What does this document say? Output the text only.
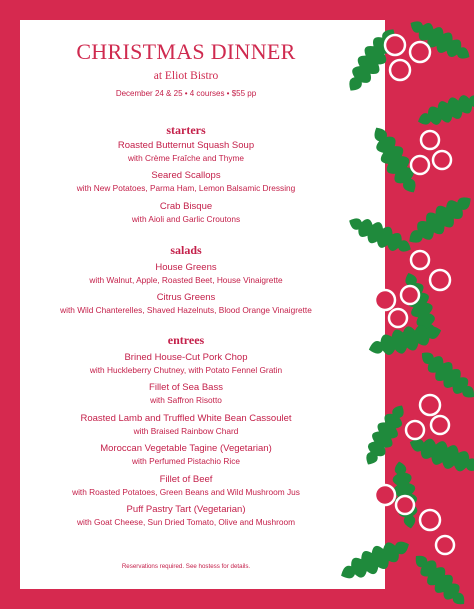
CHRISTMAS DINNER
at Eliot Bistro
December 24 & 25 • 4 courses • $55 pp
starters
Roasted Butternut Squash Soup
with Crème Fraîche and Thyme
Seared Scallops
with New Potatoes, Parma Ham, Lemon Balsamic Dressing
Crab Bisque
with Aioli and Garlic Croutons
salads
House Greens
with Walnut, Apple, Roasted Beet, House Vinaigrette
Citrus Greens
with Wild Chanterelles, Shaved Hazelnuts, Blood Orange Vinaigrette
entrees
Brined House-Cut Pork Chop
with Huckleberry Chutney, with Potato Fennel Gratin
Fillet of Sea Bass
with Saffron Risotto
Roasted Lamb and Truffled White Bean Cassoulet
with Braised Rainbow Chard
Moroccan Vegetable Tagine (Vegetarian)
with Perfumed Pistachio Rice
Fillet of Beef
with Roasted Potatoes, Green Beans and Wild Mushroom Jus
Puff Pastry Tart (Vegetarian)
with Goat Cheese, Sun Dried Tomato, Olive and Mushroom
Reservations required. See hostess for details.
